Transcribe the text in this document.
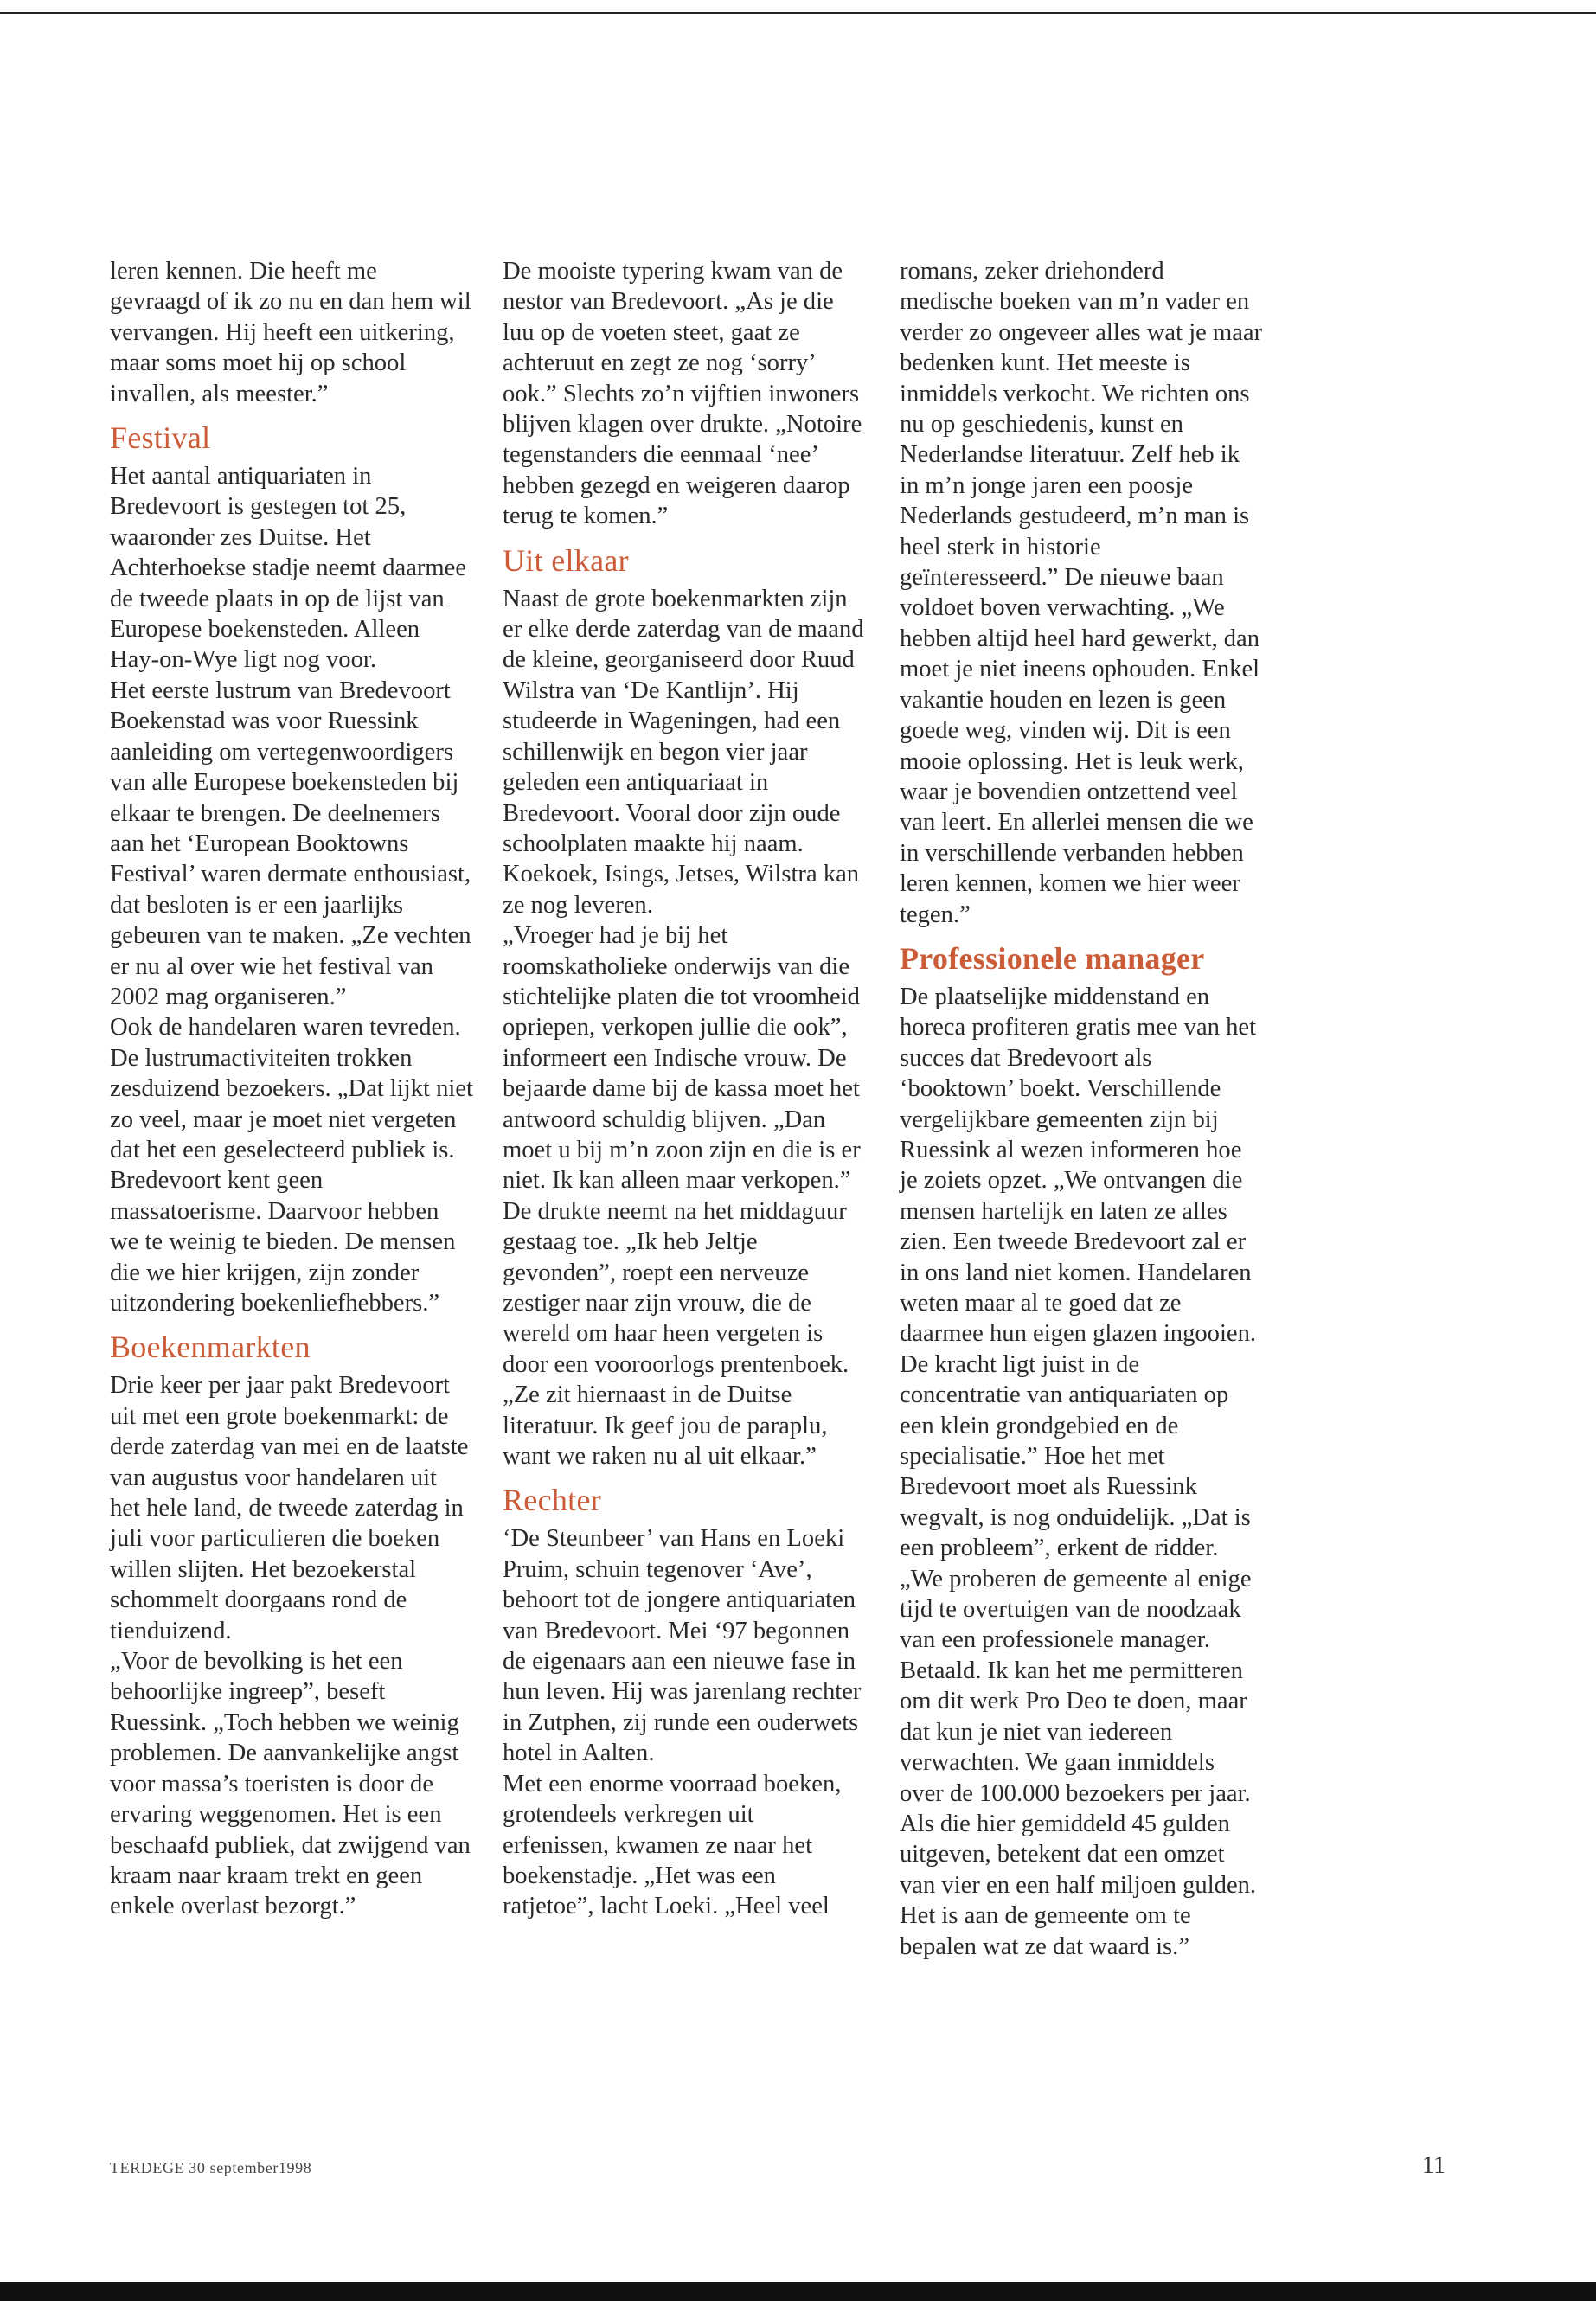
leren kennen. Die heeft me gevraagd of ik zo nu en dan hem wil vervangen. Hij heeft een uitkering, maar soms moet hij op school invallen, als meester.”

Festival

Het aantal antiquariaten in Bredevoort is gestegen tot 25, waaronder zes Duitse. Het Achterhoekse stadje neemt daarmee de tweede plaats in op de lijst van Europese boekensteden. Alleen Hay-on-Wye ligt nog voor.

Het eerste lustrum van Bredevoort Boekenstad was voor Ruessink aanleiding om vertegenwoordigers van alle Europese boekensteden bij elkaar te brengen. De deelnemers aan het ‘European Booktowns Festival’ waren dermate enthousiast, dat besloten is er een jaarlijks gebeuren van te maken. „Ze vechten er nu al over wie het festival van 2002 mag organiseren.”

Ook de handelaren waren tevreden. De lustrumactiviteiten trokken zesduizend bezoekers. „Dat lijkt niet zo veel, maar je moet niet vergeten dat het een geselecteerd publiek is. Bredevoort kent geen massatoerisme. Daarvoor hebben we te weinig te bieden. De mensen die we hier krijgen, zijn zonder uitzondering boekenliefhebbers.”

Boekenmarkten

Drie keer per jaar pakt Bredevoort uit met een grote boekenmarkt: de derde zaterdag van mei en de laatste van augustus voor handelaren uit het hele land, de tweede zaterdag in juli voor particulieren die boeken willen slijten. Het bezoekerstal schommelt doorgaans rond de tienduizend.

„Voor de bevolking is het een behoorlijke ingreep”, beseft Ruessink. „Toch hebben we weinig problemen. De aanvankelijke angst voor massa’s toeristen is door de ervaring weggenomen. Het is een beschaafd publiek, dat zwijgend van kraam naar kraam trekt en geen enkele overlast bezorgt.”

De mooiste typering kwam van de nestor van Bredevoort. „As je die luu op de voeten steet, gaat ze achteruut en zegt ze nog ‘sorry’ ook.” Slechts zo’n vijftien inwoners blijven klagen over drukte. „Notoire tegenstanders die eenmaal ‘nee’ hebben gezegd en weigeren daarop terug te komen.”

Uit elkaar

Naast de grote boekenmarkten zijn er elke derde zaterdag van de maand de kleine, georganiseerd door Ruud Wilstra van ‘De Kantlijn’. Hij studeerde in Wageningen, had een schillenwijk en begon vier jaar geleden een antiquariaat in Bredevoort. Vooral door zijn oude schoolplaten maakte hij naam. Koekoek, Isings, Jetses, Wilstra kan ze nog leveren.

„Vroeger had je bij het roomskatholieke onderwijs van die stichtelijke platen die tot vroomheid opriepen, verkopen jullie die ook”, informeert een Indische vrouw. De bejaarde dame bij de kassa moet het antwoord schuldig blijven. „Dan moet u bij m’n zoon zijn en die is er niet. Ik kan alleen maar verkopen.”

De drukte neemt na het middaguur gestaag toe. „Ik heb Jeltje gevonden”, roept een nerveuze zestiger naar zijn vrouw, die de wereld om haar heen vergeten is door een vooroorlogs prentenboek. „Ze zit hiernaast in de Duitse literatuur. Ik geef jou de paraplu, want we raken nu al uit elkaar.”

Rechter

‘De Steunbeer’ van Hans en Loeki Pruim, schuin tegenover ‘Ave’, behoort tot de jongere antiquariaten van Bredevoort. Mei ‘97 begonnen de eigenaars aan een nieuwe fase in hun leven. Hij was jarenlang rechter in Zutphen, zij runde een ouderwets hotel in Aalten.

Met een enorme voorraad boeken, grotendeels verkregen uit erfenissen, kwamen ze naar het boekenstadje. „Het was een ratjetoe”, lacht Loeki. „Heel veel

romans, zeker driehonderd medische boeken van m’n vader en verder zo ongeveer alles wat je maar bedenken kunt. Het meeste is inmiddels verkocht. We richten ons nu op geschiedenis, kunst en Nederlandse literatuur. Zelf heb ik in m’n jonge jaren een poosje Nederlands gestudeerd, m’n man is heel sterk in historie geïnteresseerd.” De nieuwe baan voldoet boven verwachting. „We hebben altijd heel hard gewerkt, dan moet je niet ineens ophouden. Enkel vakantie houden en lezen is geen goede weg, vinden wij. Dit is een mooie oplossing. Het is leuk werk, waar je bovendien ontzettend veel van leert. En allerlei mensen die we in verschillende verbanden hebben leren kennen, komen we hier weer tegen.”

Professionele manager

De plaatselijke middenstand en horeca profiteren gratis mee van het succes dat Bredevoort als ‘booktown’ boekt. Verschillende vergelijkbare gemeenten zijn bij Ruessink al wezen informeren hoe je zoiets opzet. „We ontvangen die mensen hartelijk en laten ze alles zien. Een tweede Bredevoort zal er in ons land niet komen. Handelaren weten maar al te goed dat ze daarmee hun eigen glazen ingooien. De kracht ligt juist in de concentratie van antiquariaten op een klein grondgebied en de specialisatie.” Hoe het met Bredevoort moet als Ruessink wegvalt, is nog onduidelijk. „Dat is een probleem”, erkent de ridder. „We proberen de gemeente al enige tijd te overtuigen van de noodzaak van een professionele manager. Betaald. Ik kan het me permitteren om dit werk Pro Deo te doen, maar dat kun je niet van iedereen verwachten. We gaan inmiddels over de 100.000 bezoekers per jaar. Als die hier gemiddeld 45 gulden uitgeven, betekent dat een omzet van vier en een half miljoen gulden. Het is aan de gemeente om te bepalen wat ze dat waard is.”

TERDEGE 30 september1998	11
